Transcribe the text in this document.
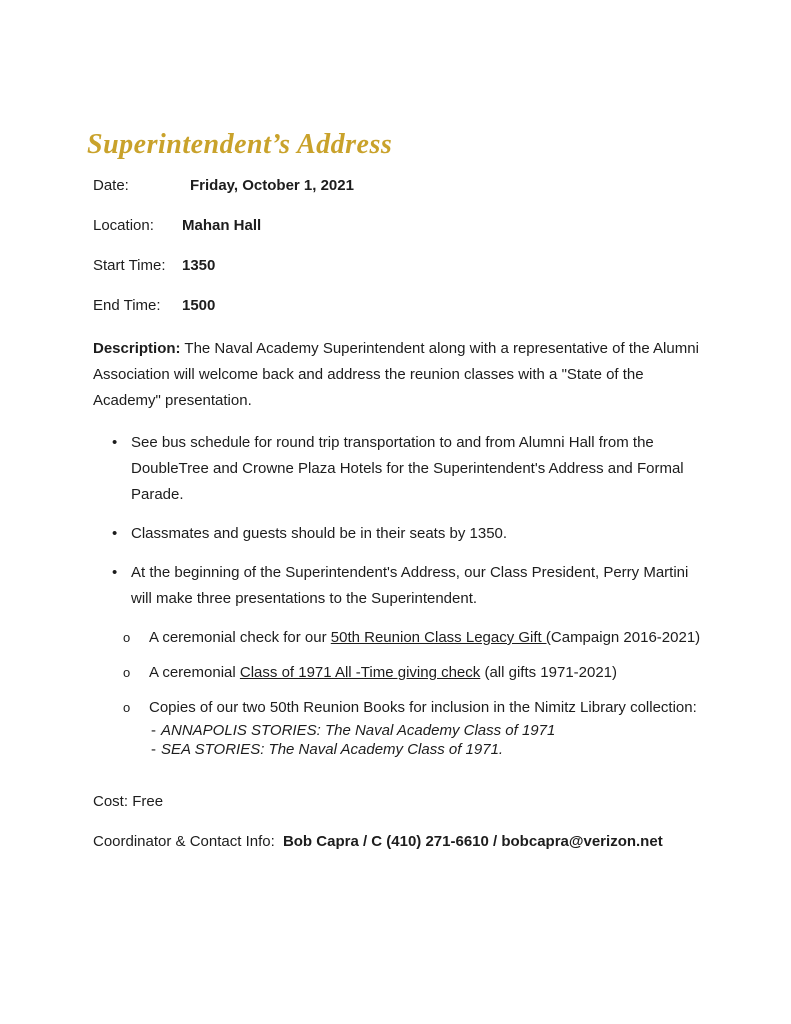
Superintendent’s Address
Date:	Friday, October 1, 2021
Location:	Mahan Hall
Start Time:	1350
End Time:	1500

Description: The Naval Academy Superintendent along with a representative of the Alumni Association will welcome back and address the reunion classes with a "State of the Academy" presentation.

• See bus schedule for round trip transportation to and from Alumni Hall from the DoubleTree and Crowne Plaza Hotels for the Superintendent's Address and Formal Parade.
• Classmates and guests should be in their seats by 1350.
• At the beginning of the Superintendent's Address, our Class President, Perry Martini will make three presentations to the Superintendent.
o	A ceremonial check for our 50th Reunion Class Legacy Gift (Campaign 2016-2021)
o	A ceremonial Class of 1971 All -Time giving check (all gifts 1971-2021)
o	Copies of our two 50th Reunion Books for inclusion in the Nimitz Library collection:
- ANNAPOLIS STORIES: The Naval Academy Class of 1971
- SEA STORIES: The Naval Academy Class of 1971.

Cost: Free

Coordinator & Contact Info: Bob Capra / C (410) 271-6610 / bobcapra@verizon.net
